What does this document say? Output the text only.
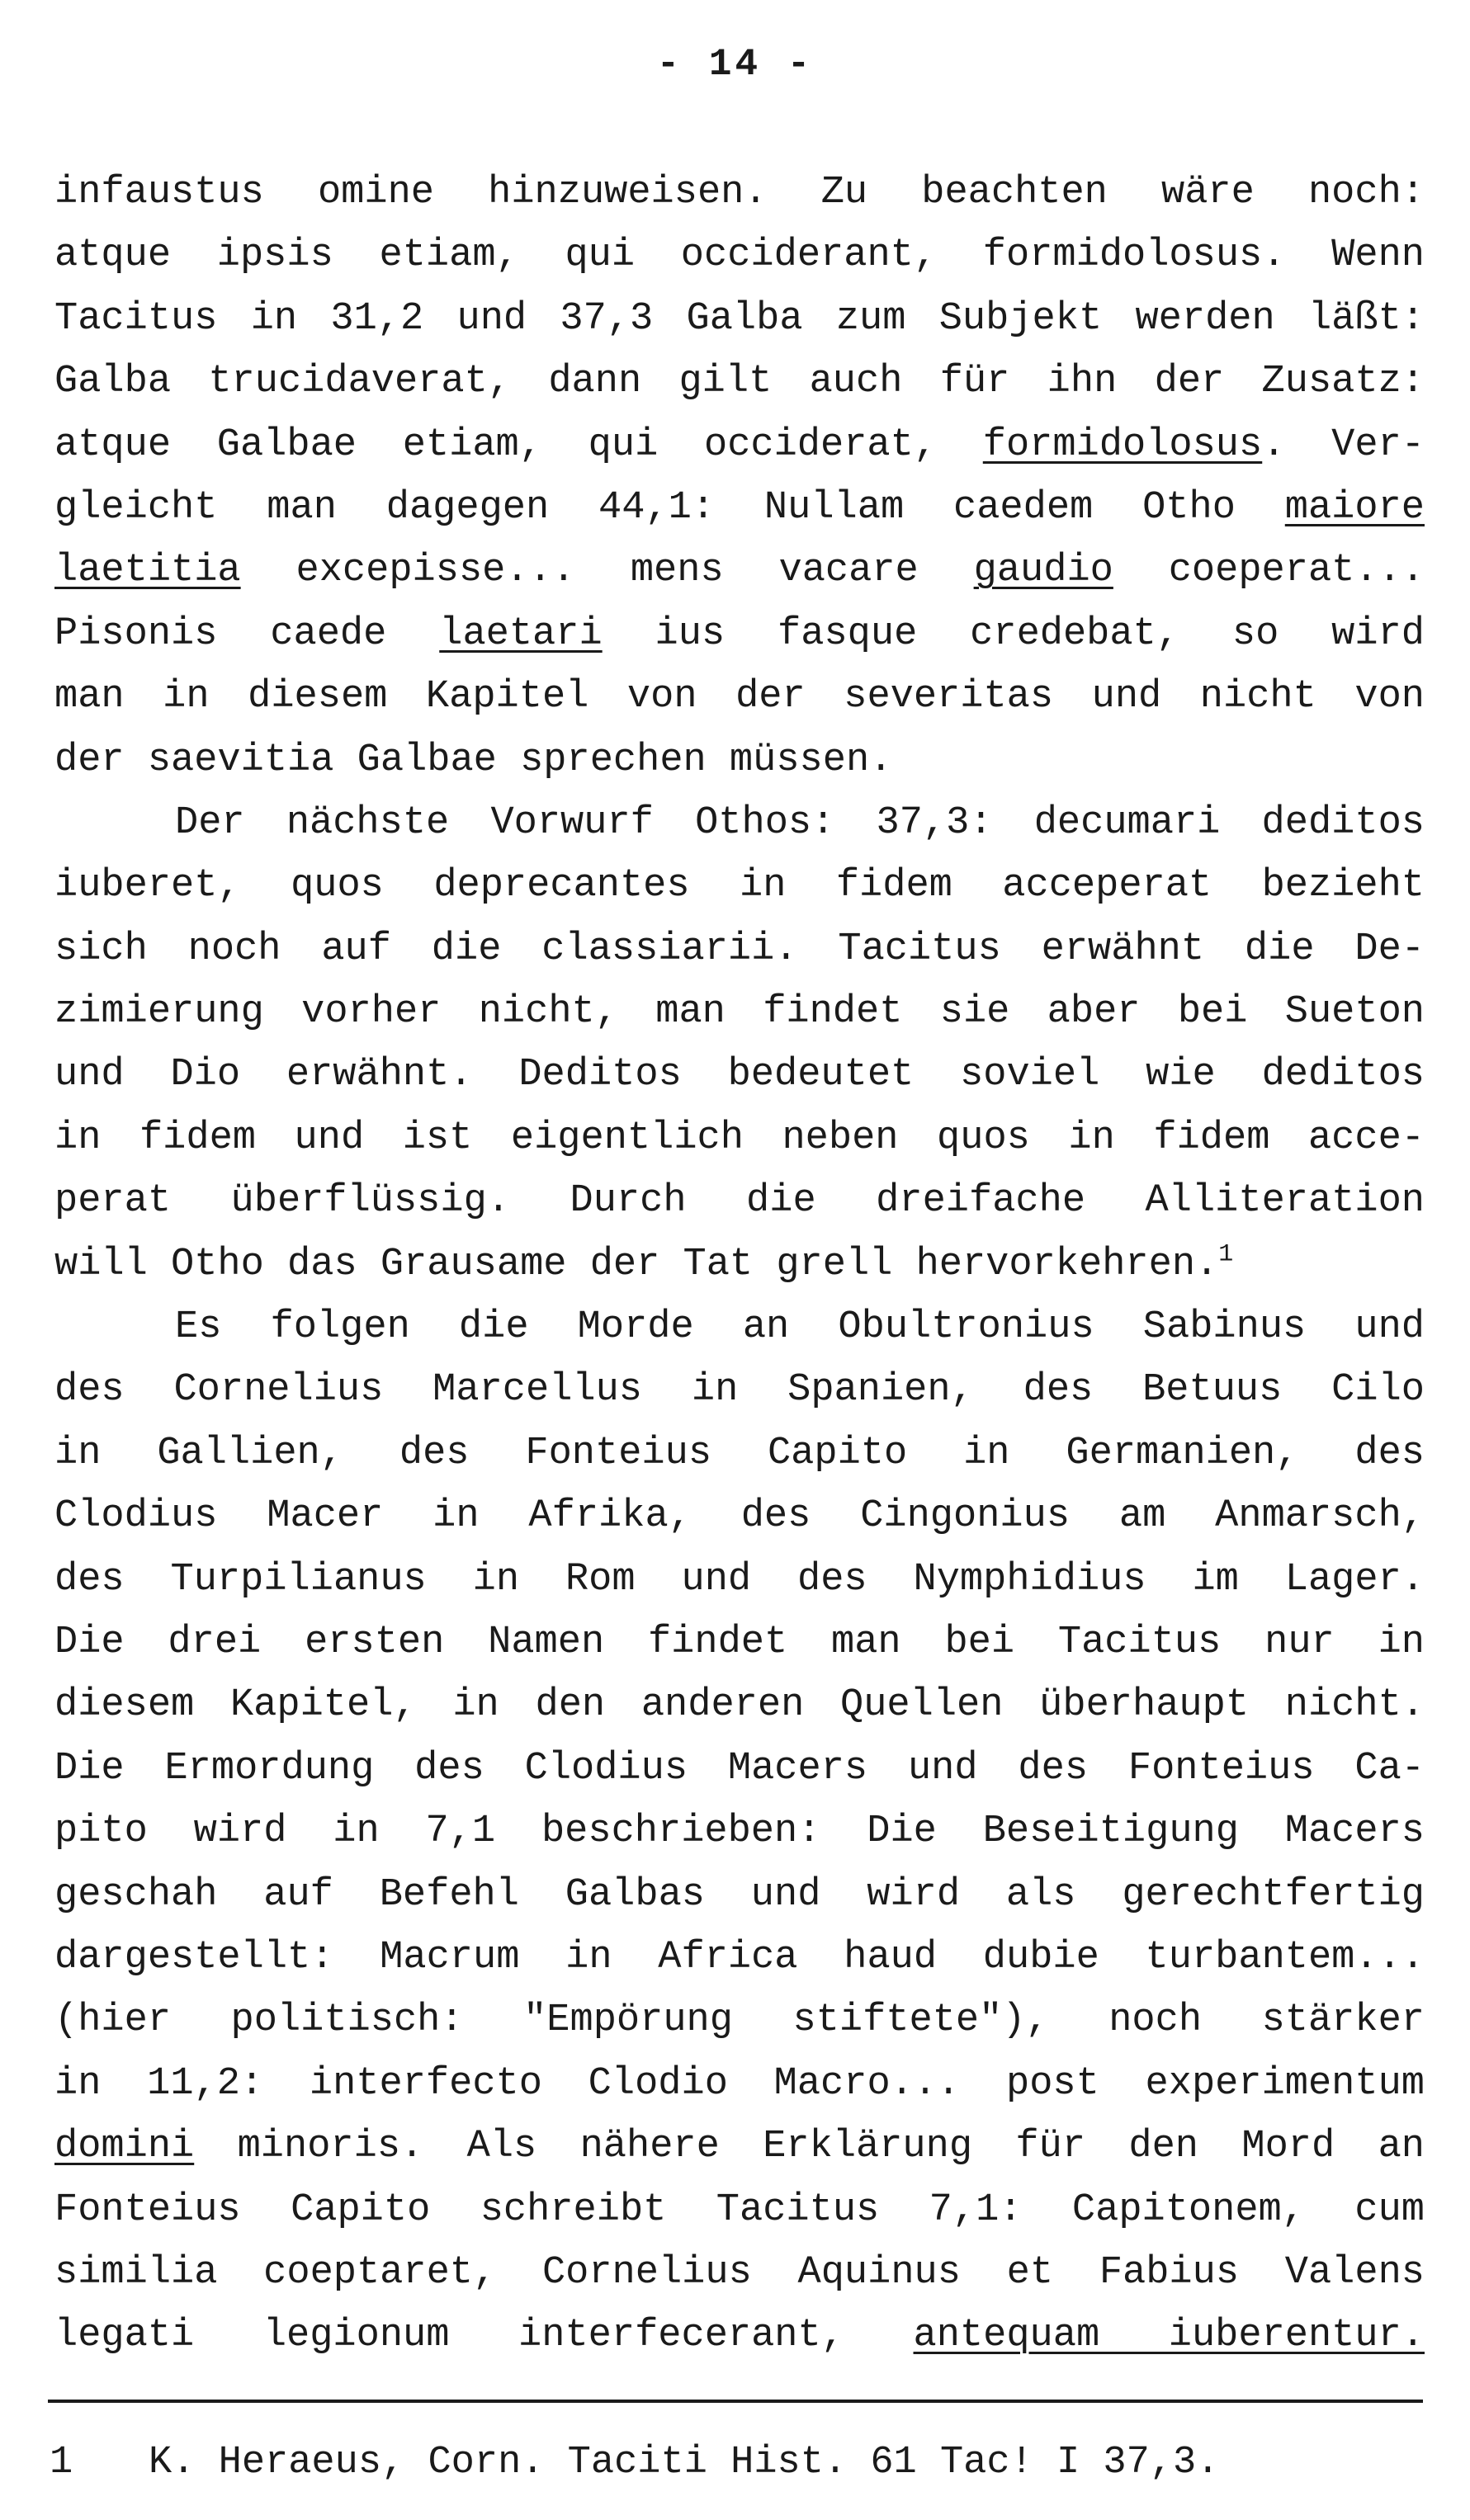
- 14 -
infaustus omine hinzuweisen. Zu beachten wäre noch:
atque ipsis etiam, qui occiderant, formidolosus. Wenn
Tacitus in 31,2 und 37,3 Galba zum Subjekt werden läßt:
Galba trucidaverat, dann gilt auch für ihn der Zusatz:
atque Galbae etiam, qui occiderat, formidolosus. Ver-
gleicht man dagegen 44,1: Nullam caedem Otho maiore
laetitia excepisse... mens vacare gaudio coeperat...
Pisonis caede laetari ius fasque credebat, so wird
man in diesem Kapitel von der severitas und nicht von
der saevitia Galbae sprechen müssen.
Der nächste Vorwurf Othos: 37,3: decumari deditos
iuberet, quos deprecantes in fidem acceperat bezieht
sich noch auf die classiarii. Tacitus erwähnt die De-
zimierung vorher nicht, man findet sie aber bei Sueton
und Dio erwähnt. Deditos bedeutet soviel wie deditos
in fidem und ist eigentlich neben quos in fidem acce-
perat überflüssig. Durch die dreifache Alliteration
will Otho das Grausame der Tat grell hervorkehren.$^1$
Es folgen die Morde an Obultronius Sabinus und
des Cornelius Marcellus in Spanien, des Betuus Cilo
in Gallien, des Fonteius Capito in Germanien, des
Clodius Macer in Afrika, des Cingonius am Anmarsch,
des Turpilianus in Rom und des Nymphidius im Lager.
Die drei ersten Namen findet man bei Tacitus nur in
diesem Kapitel, in den anderen Quellen überhaupt nicht.
Die Ermordung des Clodius Macers und des Fonteius Ca-
pito wird in 7,1 beschrieben: Die Beseitigung Macers
geschah auf Befehl Galbas und wird als gerechtfertig
dargestellt: Macrum in Africa haud dubie turbantem...
(hier politisch: "Empörung stiftete"), noch stärker
in 11,2: interfecto Clodio Macro... post experimentum
domini minoris. Als nähere Erklärung für den Mord an
Fonteius Capito schreibt Tacitus 7,1: Capitonem, cum
similia coeptaret, Cornelius Aquinus et Fabius Valens
legati legionum interfecerant, antequam iuberentur.
1 K. Heraeus, Corn. Taciti Hist. 61 Tac! I 37,3.
